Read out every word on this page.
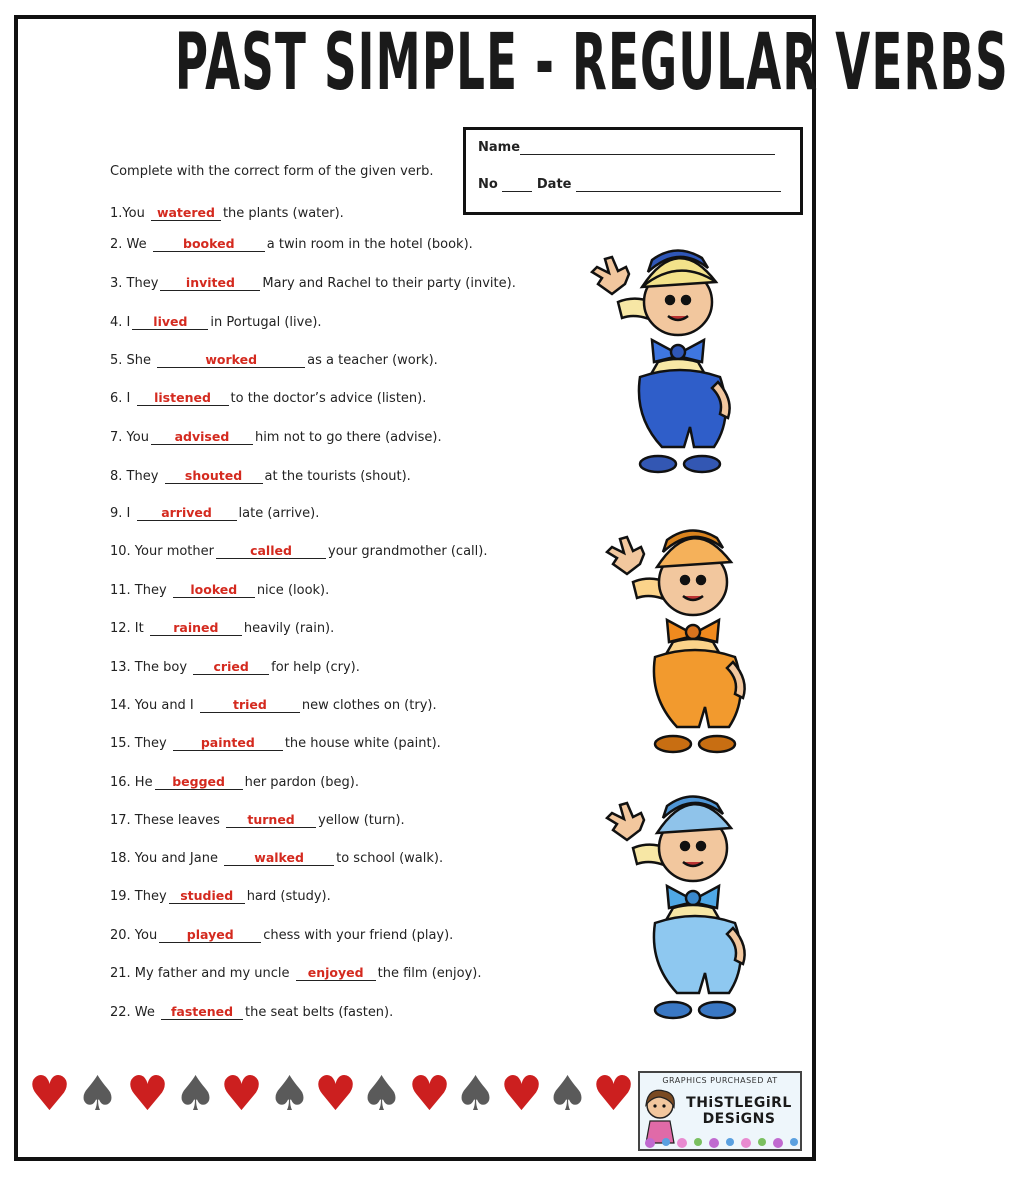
PAST SIMPLE - REGULAR VERBS
Name
No	Date
Complete with the correct form of the given verb.
1.You watered the plants (water).
2. We	booked a twin room in the hotel (book).
3. They invited Mary and Rachel to their party (invite).
4. I lived in Portugal (live).
5. She	worked	as a teacher (work).
6. I listened to the doctor’s advice (listen).
7. You advised him not to go there (advise).
8. They shouted at the tourists (shout).
9. I arrived late (arrive).
10. Your mother	called	your grandmother (call).
11. They looked nice (look).
12. It rained heavily (rain).
13. The boy cried for help (cry).
14. You and I	tried	new clothes on (try).
15. They painted the house white (paint).
16. He begged her pardon (beg).
17. These leaves turned yellow (turn).
18. You and Jane	walked to school (walk).
19. They studied hard (study).
20. You played chess with your friend (play).
21. My father and my uncle enjoyed the film (enjoy).
22. We fastened the seat belts (fasten).
♥ ♠ ♥ ♠ ♥ ♠ ♥ ♠ ♥ ♠ ♥ ♠ ♥	GRAPHICS PURCHASED AT
THiSTLEGiRL
DESiGNS
